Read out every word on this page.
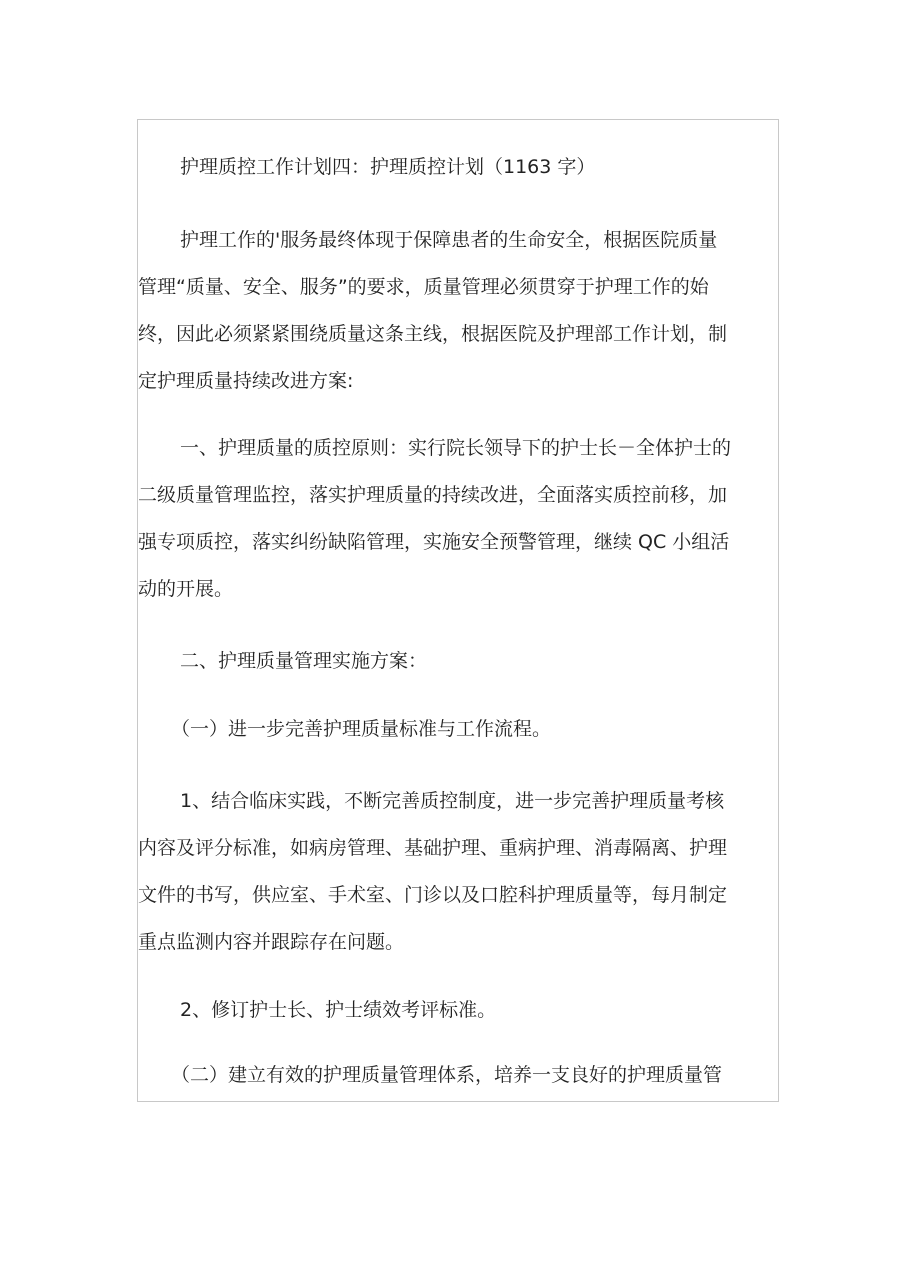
护理质控工作计划四：护理质控计划（1163 字）

护理工作的'服务最终体现于保障患者的生命安全，根据医院质量
管理“质量、安全、服务”的要求，质量管理必须贯穿于护理工作的始
终，因此必须紧紧围绕质量这条主线，根据医院及护理部工作计划，制
定护理质量持续改进方案:

一、护理质量的质控原则：实行院长领导下的护士长－全体护士的
二级质量管理监控，落实护理质量的持续改进，全面落实质控前移，加
强专项质控，落实纠纷缺陷管理，实施安全预警管理，继续 QC 小组活
动的开展。

二、护理质量管理实施方案：

（一）进一步完善护理质量标准与工作流程。

1、结合临床实践，不断完善质控制度，进一步完善护理质量考核
内容及评分标准，如病房管理、基础护理、重病护理、消毒隔离、护理
文件的书写，供应室、手术室、门诊以及口腔科护理质量等，每月制定
重点监测内容并跟踪存在问题。

2、修订护士长、护士绩效考评标准。

（二）建立有效的护理质量管理体系，培养一支良好的护理质量管
